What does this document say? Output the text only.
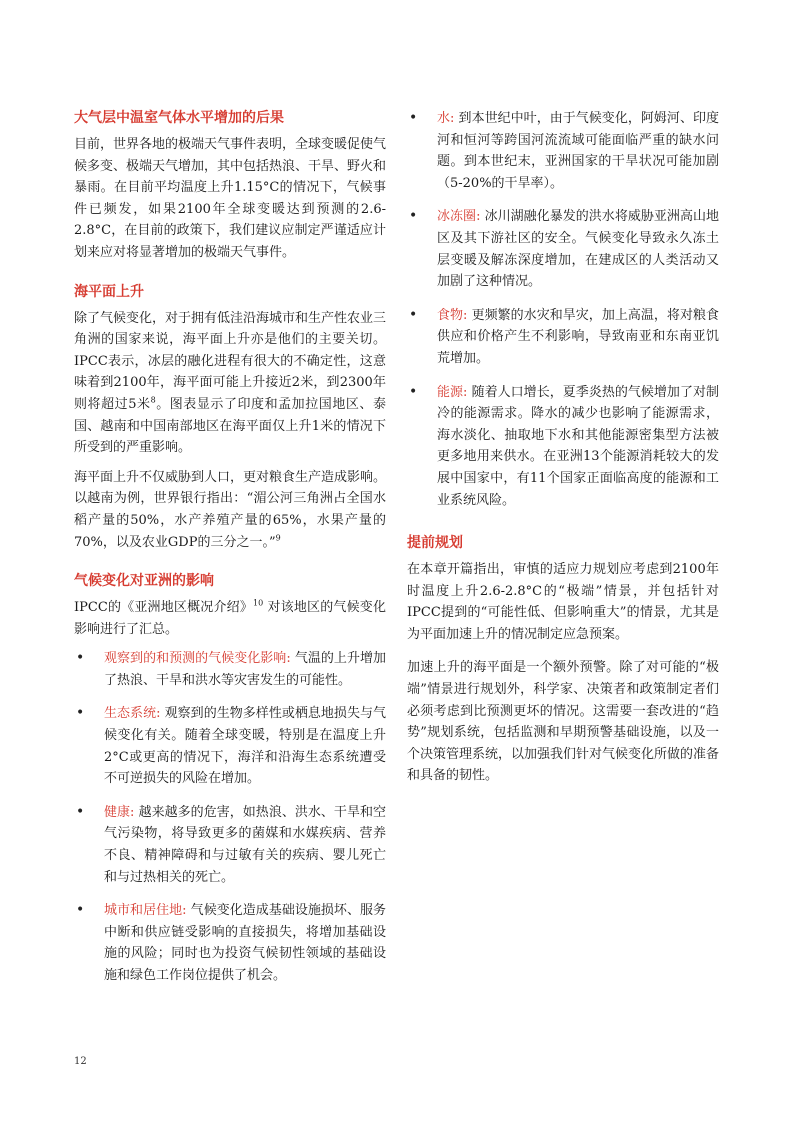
大气层中温室气体水平增加的后果

目前，世界各地的极端天气事件表明，全球变暖促使气候多变、极端天气增加，其中包括热浪、干旱、野火和暴雨。在目前平均温度上升1.15°C的情况下，气候事件已频发，如果2100年全球变暖达到预测的2.6-2.8°C，在目前的政策下，我们建议应制定严谨适应计划来应对将显著增加的极端天气事件。

海平面上升

除了气候变化，对于拥有低洼沿海城市和生产性农业三角洲的国家来说，海平面上升亦是他们的主要关切。IPCC表示，冰层的融化进程有很大的不确定性，这意味着到2100年，海平面可能上升接近2米，到2300年则将超过5米$^8$。图表显示了印度和孟加拉国地区、泰国、越南和中国南部地区在海平面仅上升1米的情况下所受到的严重影响。

海平面上升不仅威胁到人口，更对粮食生产造成影响。以越南为例，世界银行指出：“湄公河三角洲占全国水稻产量的50%，水产养殖产量的65%，水果产量的70%，以及农业GDP的三分之一。”$^9$

气候变化对亚洲的影响

IPCC的《亚洲地区概况介绍》$^{10}$ 对该地区的气候变化影响进行了汇总。

• 观察到的和预测的气候变化影响: 气温的上升增加了热浪、干旱和洪水等灾害发生的可能性。
• 生态系统: 观察到的生物多样性或栖息地损失与气候变化有关。随着全球变暖，特别是在温度上升2°C或更高的情况下，海洋和沿海生态系统遭受不可逆损失的风险在增加。
• 健康: 越来越多的危害，如热浪、洪水、干旱和空气污染物，将导致更多的菌媒和水媒疾病、营养不良、精神障碍和与过敏有关的疾病、婴儿死亡和与过热相关的死亡。
• 城市和居住地: 气候变化造成基础设施损坏、服务中断和供应链受影响的直接损失，将增加基础设施的风险；同时也为投资气候韧性领域的基础设施和绿色工作岗位提供了机会。
• 水: 到本世纪中叶，由于气候变化，阿姆河、印度河和恒河等跨国河流流域可能面临严重的缺水问题。到本世纪末，亚洲国家的干旱状况可能加剧（5-20%的干旱率）。
• 冰冻圈: 冰川湖融化暴发的洪水将威胁亚洲高山地区及其下游社区的安全。气候变化导致永久冻土层变暖及解冻深度增加，在建成区的人类活动又加剧了这种情况。
• 食物: 更频繁的水灾和旱灾，加上高温，将对粮食供应和价格产生不利影响，导致南亚和东南亚饥荒增加。
• 能源: 随着人口增长，夏季炎热的气候增加了对制冷的能源需求。降水的减少也影响了能源需求，海水淡化、抽取地下水和其他能源密集型方法被更多地用来供水。在亚洲13个能源消耗较大的发展中国家中，有11个国家正面临高度的能源和工业系统风险。
提前规划

在本章开篇指出，审慎的适应力规划应考虑到2100年时温度上升2.6-2.8°C的“极端”情景，并包括针对IPCC提到的“可能性低、但影响重大”的情景，尤其是为平面加速上升的情况制定应急预案。

加速上升的海平面是一个额外预警。除了对可能的“极端”情景进行规划外，科学家、决策者和政策制定者们必须考虑到比预测更坏的情况。这需要一套改进的“趋势”规划系统，包括监测和早期预警基础设施，以及一个决策管理系统，以加强我们针对气候变化所做的准备和具备的韧性。

12
